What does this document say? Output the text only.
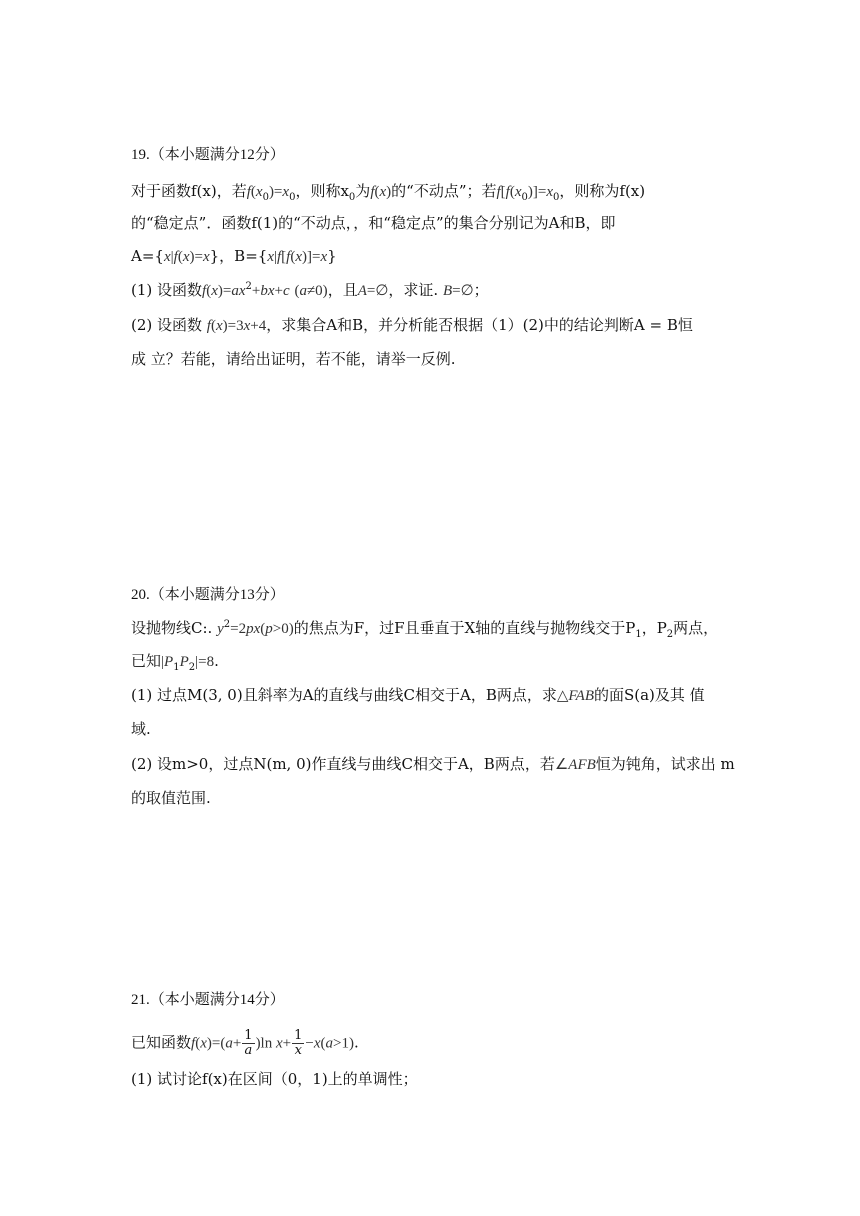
19.（本小题满分12分）
对于函数f(x)，若$f(x_0)=x_0$，则称$x_0$为f(x)的“不动点”；若$f[f(x_0)]=x_0$，则称为f(x)
的“稳定点”．函数f(1)的“不动点，，和“稳定点”的集合分别记为A和B，即
A={x|f(x)=x}，B={x|f[f(x)]=x}
(1) 设函数$f(x)=ax^2+bx+c$ (a≠0)，且A=∅，求证. B=∅；
(2) 设函数 f(x)=3x+4，求集合A和B，并分析能否根据（1）(2)中的结论判断A = B恒
成 立？若能，请给出证明，若不能，请举一反例.
20.（本小题满分13分）
设抛物线C:. $y^2=2px(p>0)$的焦点为F，过F且垂直于X轴的直线与抛物线交于$P_1$，$P_2$两点，
已知$|P_1P_2|=8$.
(1) 过点M(3, 0)且斜率为A的直线与曲线C相交于A，B两点，求△FAB的面S(a)及其 值
域.
(2) 设m>0，过点N(m, 0)作直线与曲线C相交于A，B两点，若∠AFB恒为钝角，试求出 m
的取值范围.
21.（本小题满分14分）
已知函数$f(x)=(a+ \frac{1}{a} )\ln$ $x+ \frac{1}{x} -x(a>1)$.
(1) 试讨论f(x)在区间（0，1)上的单调性；
